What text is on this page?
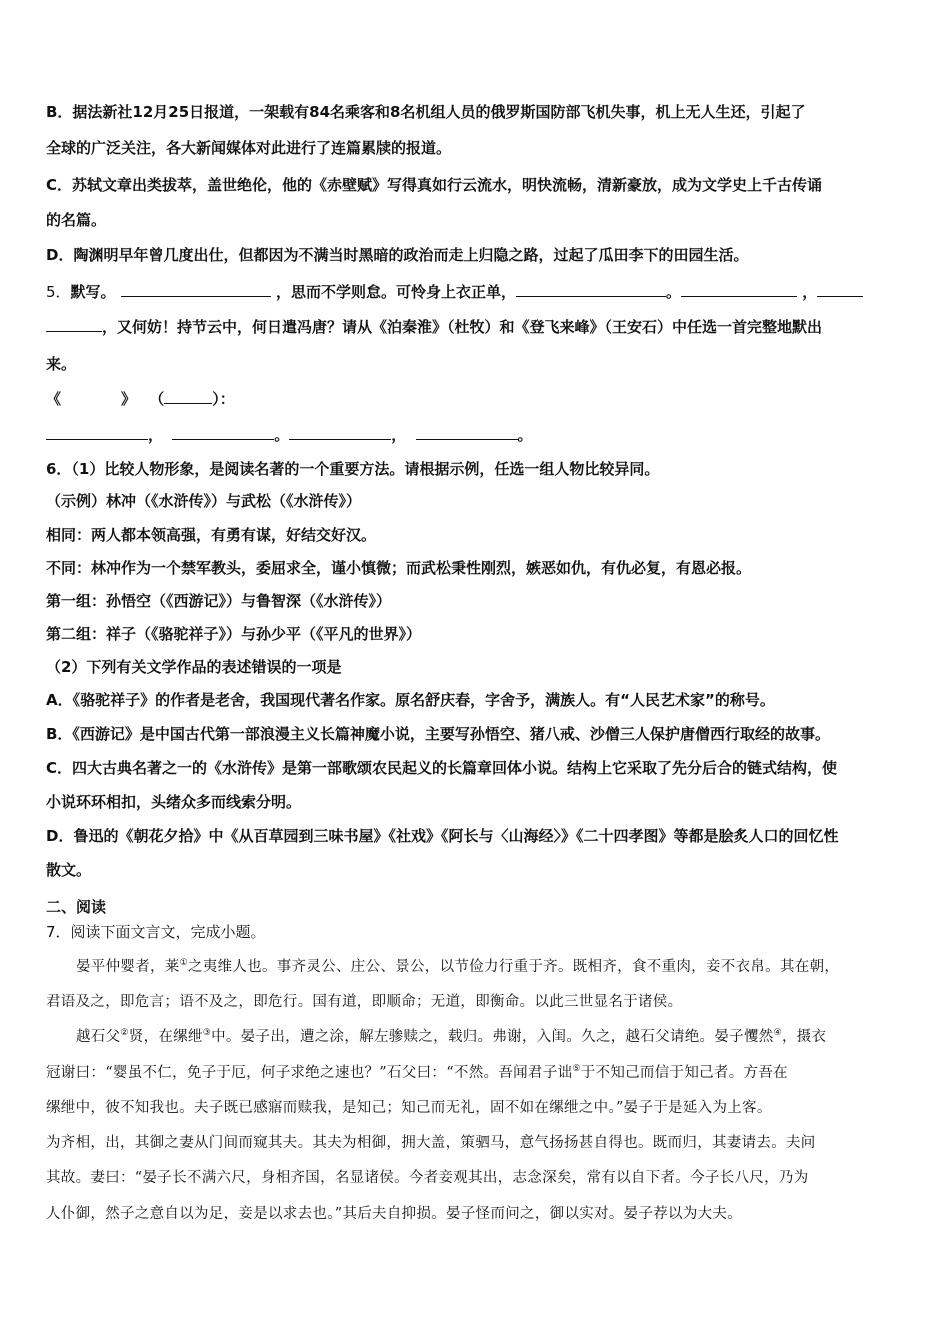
B．据法新社12月25日报道，一架载有84名乘客和8名机组人员的俄罗斯国防部飞机失事，机上无人生还，引起了
全球的广泛关注，各大新闻媒体对此进行了连篇累牍的报道。
C．苏轼文章出类拔萃，盖世绝伦，他的《赤壁赋》写得真如行云流水，明快流畅，清新豪放，成为文学史上千古传诵
的名篇。
D．陶渊明早年曾几度出仕，但都因为不满当时黑暗的政治而走上归隐之路，过起了瓜田李下的田园生活。
5．默写。	，思而不学则怠。可怜身上衣正单，	。	，
，又何妨！持节云中，何日遣冯唐？请从《泊秦淮》（杜牧）和《登飞来峰》（王安石）中任选一首完整地默出
来。
《	》 （	）：
，	。	，	。
6．（1）比较人物形象，是阅读名著的一个重要方法。请根据示例，任选一组人物比较异同。
（示例）林冲（《水浒传》）与武松（《水浒传》）
相同：两人都本领高强，有勇有谋，好结交好汉。
不同：林冲作为一个禁军教头，委屈求全，谨小慎微；而武松秉性刚烈，嫉恶如仇，有仇必复，有恩必报。
第一组：孙悟空（《西游记》）与鲁智深（《水浒传》）
第二组：祥子（《骆驼祥子》）与孙少平（《平凡的世界》）
（2）下列有关文学作品的表述错误的一项是
A．《骆驼祥子》的作者是老舍，我国现代著名作家。原名舒庆春，字舍予，满族人。有“人民艺术家”的称号。
B．《西游记》是中国古代第一部浪漫主义长篇神魔小说，主要写孙悟空、猪八戒、沙僧三人保护唐僧西行取经的故事。
C．四大古典名著之一的《水浒传》是第一部歌颂农民起义的长篇章回体小说。结构上它采取了先分后合的链式结构，使
小说环环相扣，头绪众多而线索分明。
D．鲁迅的《朝花夕拾》中《从百草园到三味书屋》《社戏》《阿长与〈山海经〉》《二十四孝图》等都是脍炙人口的回忆性
散文。
二、阅读
7．阅读下面文言文，完成小题。
晏平仲婴者，莱①之夷维人也。事齐灵公、庄公、景公，以节俭力行重于齐。既相齐，食不重肉，妾不衣帛。其在朝，
君语及之，即危言；语不及之，即危行。国有道，即顺命；无道，即衡命。以此三世显名于诸侯。
越石父②贤，在缧绁③中。晏子出，遭之涂，解左骖赎之，载归。弗谢，入闺。久之，越石父请绝。晏子戄然④，摄衣
冠谢曰：“婴虽不仁，免子于厄，何子求绝之速也？”石父曰：“不然。吾闻君子诎⑤于不知己而信于知己者。方吾在
缧绁中，彼不知我也。夫子既已感寤而赎我，是知己；知己而无礼，固不如在缧绁之中。”晏子于是延入为上客。
为齐相，出，其御之妻从门间而窥其夫。其夫为相御，拥大盖，策驷马，意气扬扬甚自得也。既而归，其妻请去。夫问
其故。妻曰：“晏子长不满六尺，身相齐国，名显诸侯。今者妾观其出，志念深矣，常有以自下者。今子长八尺，乃为
人仆御，然子之意自以为足，妾是以求去也。”其后夫自抑损。晏子怪而问之，御以实对。晏子荐以为大夫。
